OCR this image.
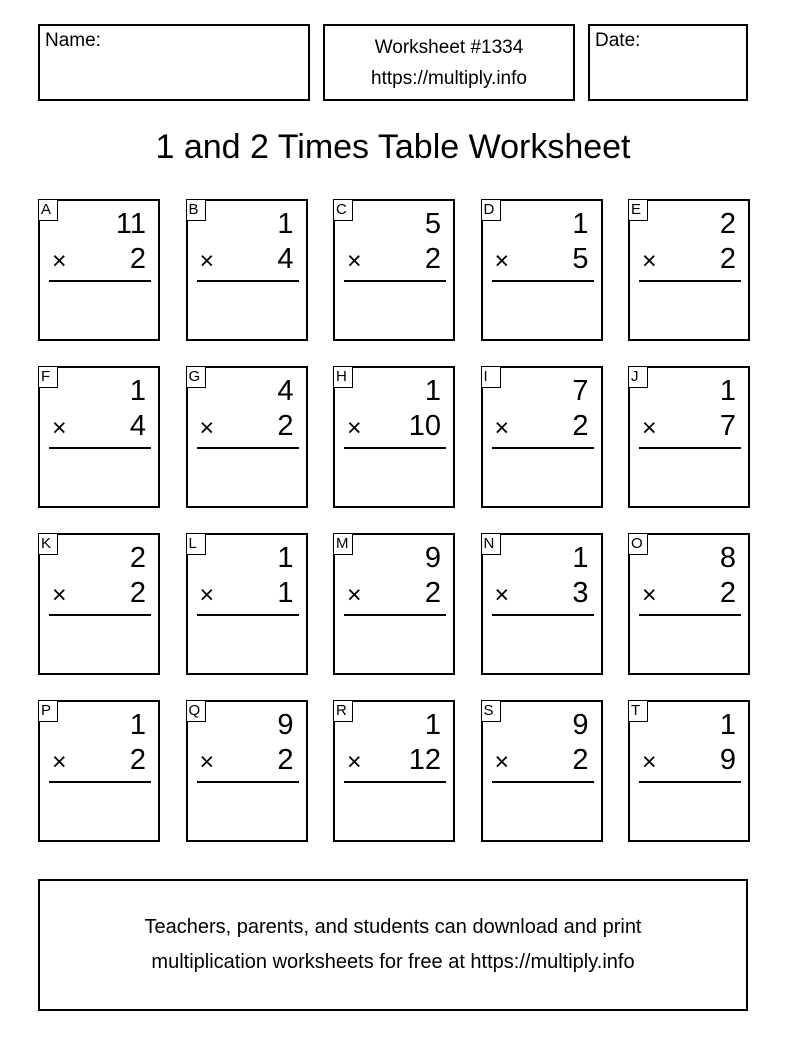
Name:	Worksheet #1334
https://multiply.info
Date:
1 and 2 Times Table Worksheet
A 11
× 2
B	1
× 4
C	5
× 2
D	1
× 5
E	2
× 2
F	1
× 4
G	4
× 2
H	1
× 10
I	7
× 2
J	1
× 7
K	2
× 2
L	1
× 1
M	9
× 2
N	1
× 3
O	8
× 2
P	1
× 2
Q	9
× 2
R	1
× 12
S	9
× 2
T	1
× 9
Teachers, parents, and students can download and print
multiplication worksheets for free at https://multiply.info
